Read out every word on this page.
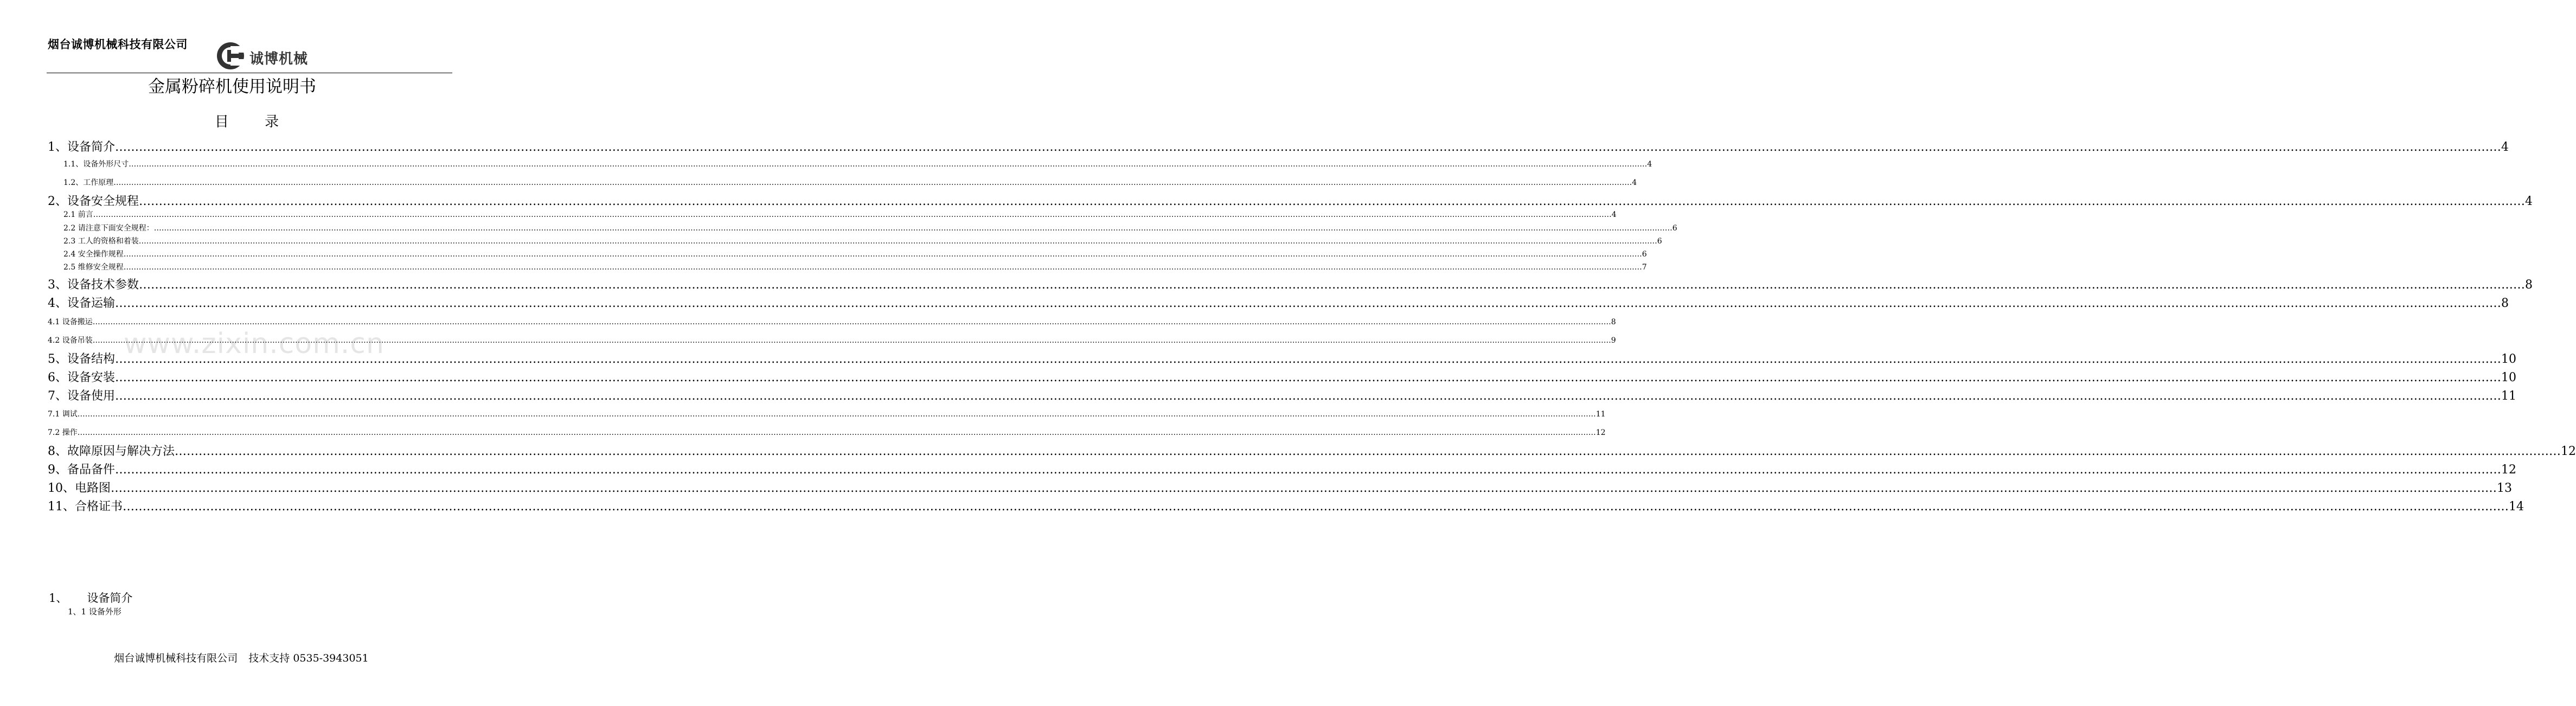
烟台诚博机械科技有限公司
诚博机械
金属粉碎机使用说明书
目 录
1、设备简介 …………………………………………………………………………………………………………………………………………………………………………………………………………………………………………………………………………………………………………………………………………………………………………………………………………………………………………………………………………………………………………………………………………………… 4
1.1、设备外形尺寸 …………………………………………………………………………………………………………………………………………………………………………………………………………………………………………………………………………………………………………………………………………………………………………………………………………………………………………………………………………………………………………………………………………………… 4
1.2、工作原理 …………………………………………………………………………………………………………………………………………………………………………………………………………………………………………………………………………………………………………………………………………………………………………………………………………………………………………………………………………………………………………………………………………………… 4
2、设备安全规程 …………………………………………………………………………………………………………………………………………………………………………………………………………………………………………………………………………………………………………………………………………………………………………………………………………………………………………………………………………………………………………………………………………………… 4
2.1 前言 …………………………………………………………………………………………………………………………………………………………………………………………………………………………………………………………………………………………………………………………………………………………………………………………………………………………………………………………………………………………………………………………………………………… 4
2.2 请注意下面安全规程： …………………………………………………………………………………………………………………………………………………………………………………………………………………………………………………………………………………………………………………………………………………………………………………………………………………………………………………………………………………………………………………………………………………… 6
2.3 工人的资格和着装 …………………………………………………………………………………………………………………………………………………………………………………………………………………………………………………………………………………………………………………………………………………………………………………………………………………………………………………………………………………………………………………………………………………… 6
2.4 安全操作规程 …………………………………………………………………………………………………………………………………………………………………………………………………………………………………………………………………………………………………………………………………………………………………………………………………………………………………………………………………………………………………………………………………………………… 6
2.5 维修安全规程 …………………………………………………………………………………………………………………………………………………………………………………………………………………………………………………………………………………………………………………………………………………………………………………………………………………………………………………………………………………………………………………………………………………… 7
3、设备技术参数 …………………………………………………………………………………………………………………………………………………………………………………………………………………………………………………………………………………………………………………………………………………………………………………………………………………………………………………………………………………………………………………………………………………… 8
4、设备运输 …………………………………………………………………………………………………………………………………………………………………………………………………………………………………………………………………………………………………………………………………………………………………………………………………………………………………………………………………………………………………………………………………………………… 8
4.1 设备搬运 …………………………………………………………………………………………………………………………………………………………………………………………………………………………………………………………………………………………………………………………………………………………………………………………………………………………………………………………………………………………………………………………………………………… 8
4.2 设备吊装 …………………………………………………………………………………………………………………………………………………………………………………………………………………………………………………………………………………………………………………………………………………………………………………………………………………………………………………………………………………………………………………………………………………… 9
5、设备结构 …………………………………………………………………………………………………………………………………………………………………………………………………………………………………………………………………………………………………………………………………………………………………………………………………………………………………………………………………………………………………………………………………………………… 10
6、设备安装 …………………………………………………………………………………………………………………………………………………………………………………………………………………………………………………………………………………………………………………………………………………………………………………………………………………………………………………………………………………………………………………………………………………… 10
7、设备使用 …………………………………………………………………………………………………………………………………………………………………………………………………………………………………………………………………………………………………………………………………………………………………………………………………………………………………………………………………………………………………………………………………………………… 11
7.1 调试 …………………………………………………………………………………………………………………………………………………………………………………………………………………………………………………………………………………………………………………………………………………………………………………………………………………………………………………………………………………………………………………………………………………… 11
7.2 操作 …………………………………………………………………………………………………………………………………………………………………………………………………………………………………………………………………………………………………………………………………………………………………………………………………………………………………………………………………………………………………………………………………………………… 12
8、故障原因与解决方法 …………………………………………………………………………………………………………………………………………………………………………………………………………………………………………………………………………………………………………………………………………………………………………………………………………………………………………………………………………………………………………………………………………………… 12
9、备品备件 …………………………………………………………………………………………………………………………………………………………………………………………………………………………………………………………………………………………………………………………………………………………………………………………………………………………………………………………………………………………………………………………………………………… 12
10、电路图 …………………………………………………………………………………………………………………………………………………………………………………………………………………………………………………………………………………………………………………………………………………………………………………………………………………………………………………………………………………………………………………………………………………… 13
11、合格证书 …………………………………………………………………………………………………………………………………………………………………………………………………………………………………………………………………………………………………………………………………………………………………………………………………………………………………………………………………………………………………………………………………………………… 14
www.zixin.com.cn
1、 设备简介
1、1 设备外形
烟台诚博机械科技有限公司 技术支持 0535-3943051
